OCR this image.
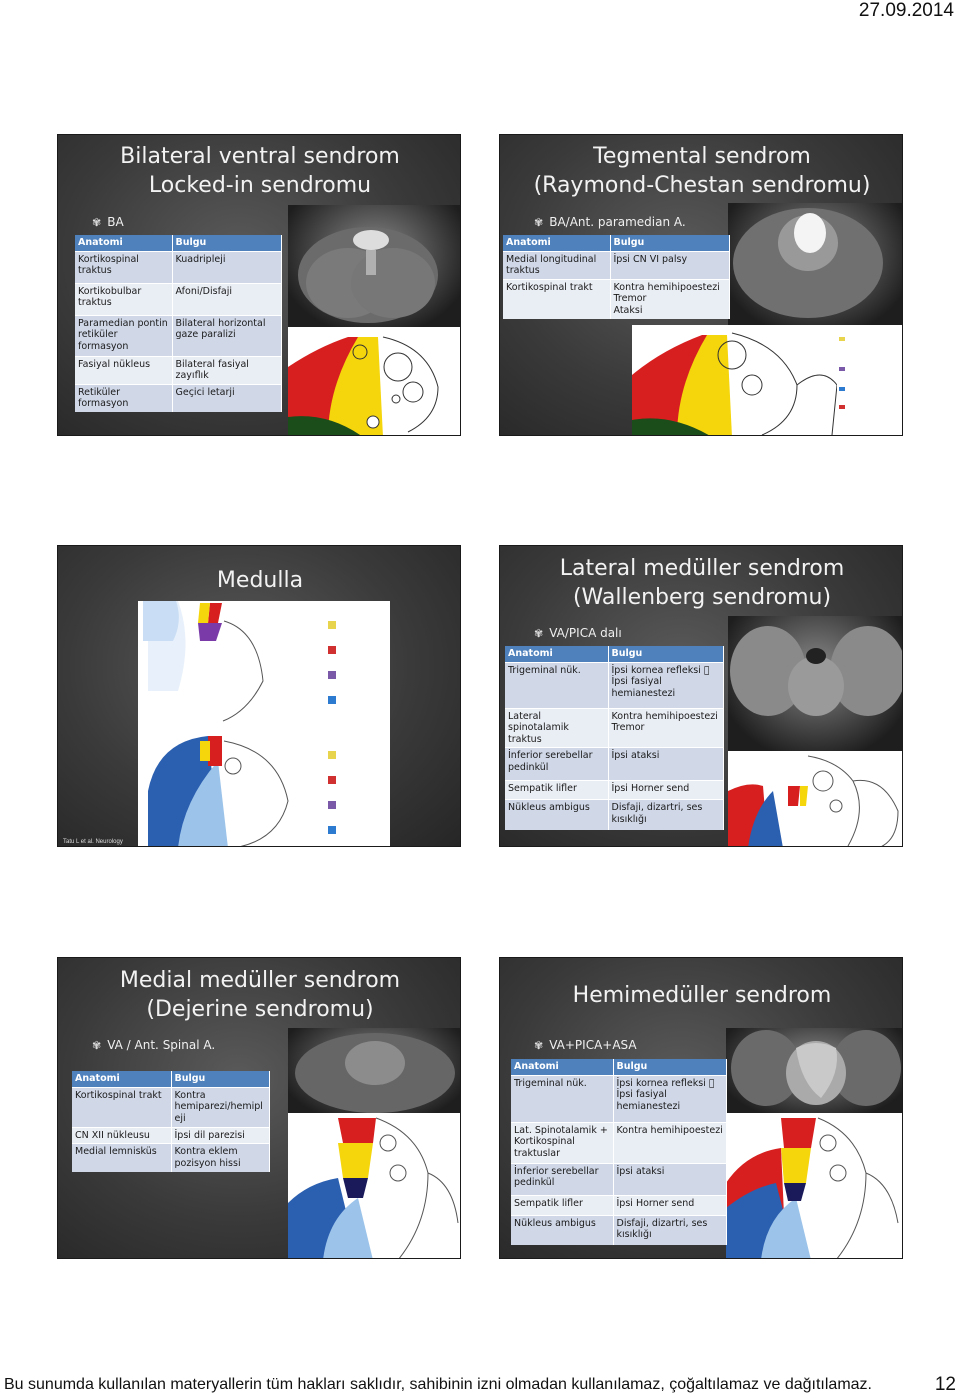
27.09.2014
Bilateral ventral sendrom
Locked-in sendromu
✾ BA
Anatomi	Bulgu
Kortikospinal traktus	Kuadripleji
Kortikobulbar traktus	Afoni/Disfaji
Paramedian pontin retiküler formasyon	Bilateral horizontal gaze paralizi
Fasiyal nükleus	Bilateral fasiyal zayıflık
Retiküler formasyon	Geçici letarji
Tegmental sendrom
(Raymond-Chestan sendromu)
✾ BA/Ant. paramedian A.
Anatomi	Bulgu
Medial longitudinal traktus	İpsi CN VI palsy
Kortikospinal trakt	Kontra hemihipoestezi
Tremor
Ataksi
Medulla
Tatu L et al. Neurology
Lateral medüller sendrom
(Wallenberg sendromu)
✾ VA/PICA dalı
Anatomi	Bulgu
Trigeminal nük.	İpsi kornea refleksi ⃠
İpsi fasiyal hemianestezi
Lateral spinotalamik traktus	Kontra hemihipoestezi
Tremor
İnferior serebellar pedinkül	İpsi ataksi
Sempatik lifler	İpsi Horner send
Nükleus ambigus	Disfaji, dizartri, ses kısıklığı
Medial medüller sendrom
(Dejerine sendromu)
✾ VA / Ant. Spinal A.
Anatomi	Bulgu
Kortikospinal trakt	Kontra hemiparezi/hemipl eji
CN XII nükleusu	İpsi dil parezisi
Medial lemnisküs	Kontra eklem pozisyon hissi
Hemimedüller sendrom
✾ VA+PICA+ASA
Anatomi	Bulgu
Trigeminal nük.	İpsi kornea refleksi ⃠
İpsi fasiyal hemianestezi
Lat. Spinotalamik + Kortikospinal traktuslar	Kontra hemihipoestezi
İnferior serebellar pedinkül	İpsi ataksi
Sempatik lifler	İpsi Horner send
Nükleus ambigus	Disfaji, dizartri, ses kısıklığı
Bu sunumda kullanılan materyallerin tüm hakları saklıdır, sahibinin izni olmadan kullanılamaz, çoğaltılamaz ve dağıtılamaz.	12
